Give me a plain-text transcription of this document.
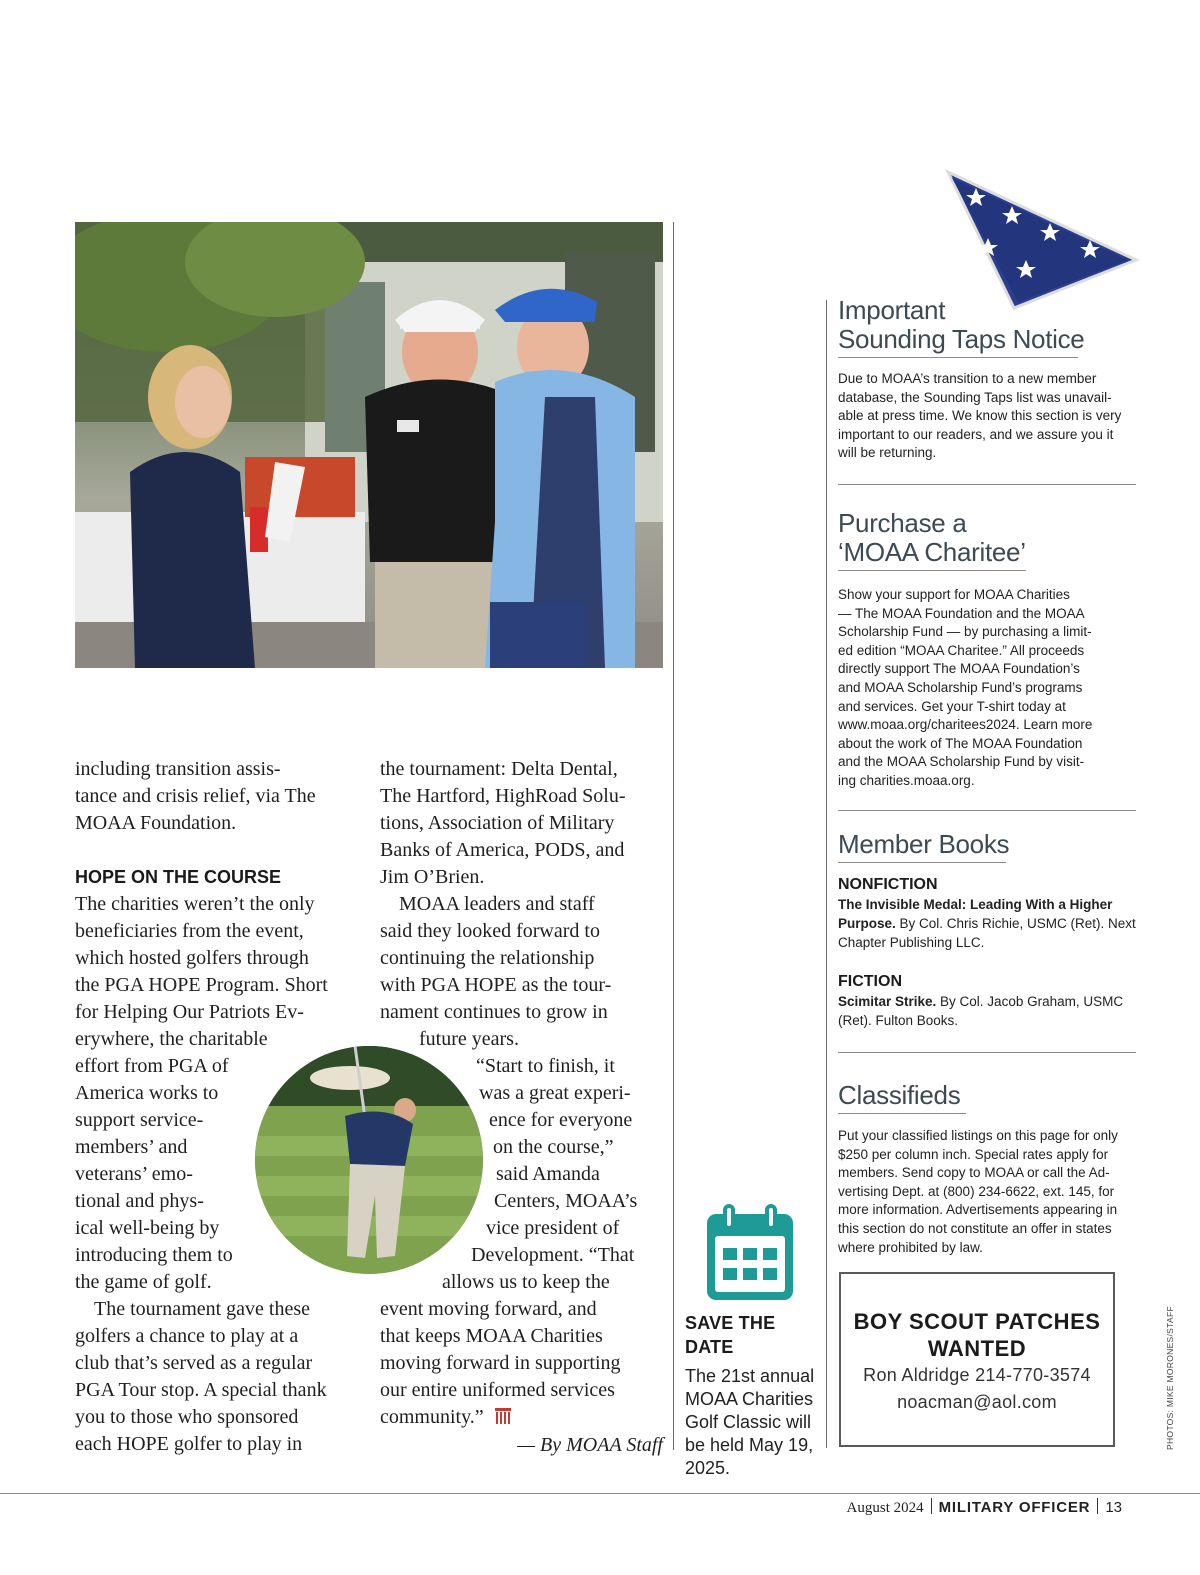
including transition assis-
tance and crisis relief, via The
MOAA Foundation.
HOPE ON THE COURSE
The charities weren’t the only
beneficiaries from the event,
which hosted golfers through
the PGA HOPE Program. Short
for Helping Our Patriots Ev-
erywhere, the charitable
effort from PGA of
America works to
support service-
members’ and
veterans’ emo-
tional and phys-
ical well-being by
introducing them to
the game of golf.
The tournament gave these
golfers a chance to play at a
club that’s served as a regular
PGA Tour stop. A special thank
you to those who sponsored
each HOPE golfer to play in
the tournament: Delta Dental,
The Hartford, HighRoad Solu-
tions, Association of Military
Banks of America, PODS, and
Jim O’Brien.
MOAA leaders and staff
said they looked forward to
continuing the relationship
with PGA HOPE as the tour-
nament continues to grow in
future years.
“Start to finish, it
was a great experi-
ence for everyone
on the course,”
said Amanda
Centers, MOAA’s
vice president of
Development. “That
allows us to keep the
event moving forward, and
that keeps MOAA Charities
moving forward in supporting
our entire uniformed services
community.”
— By MOAA Staff
SAVE THE DATE
The 21st annual
MOAA Charities
Golf Classic will
be held May 19,
2025.
Important
Sounding Taps Notice
Due to MOAA’s transition to a new member
database, the Sounding Taps list was unavail-
able at press time. We know this section is very
important to our readers, and we assure you it
will be returning.
Purchase a
‘MOAA Charitee’
Show your support for MOAA Charities
— The MOAA Foundation and the MOAA
Scholarship Fund — by purchasing a limit-
ed edition “MOAA Charitee.” All proceeds
directly support The MOAA Foundation’s
and MOAA Scholarship Fund’s programs
and services. Get your T-shirt today at
www.moaa.org/charitees2024. Learn more
about the work of The MOAA Foundation
and the MOAA Scholarship Fund by visit-
ing charities.moaa.org.
Member Books
NONFICTION
The Invisible Medal: Leading With a Higher
Purpose. By Col. Chris Richie, USMC (Ret). Next
Chapter Publishing LLC.
FICTION
Scimitar Strike. By Col. Jacob Graham, USMC
(Ret). Fulton Books.
Classifieds
Put your classified listings on this page for only
$250 per column inch. Special rates apply for
members. Send copy to MOAA or call the Ad-
vertising Dept. at (800) 234-6622, ext. 145, for
more information. Advertisements appearing in
this section do not constitute an offer in states
where prohibited by law.
BOY SCOUT PATCHES
WANTED
Ron Aldridge 214-770-3574
noacman@aol.com	PHOTOS: MIKE MORONES/STAFF
August 2024 MILITARY OFFICER 13
